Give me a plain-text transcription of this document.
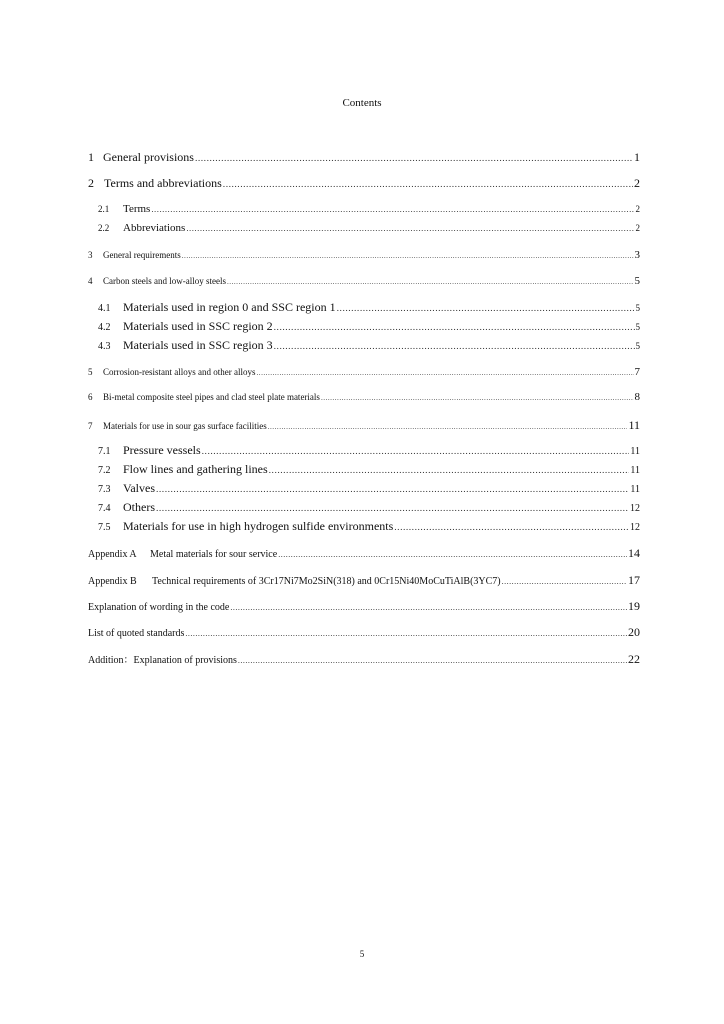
Contents
1 General provisions .....	1
2 Terms and abbreviations .....	2
2.1	Terms .....	2
2.2	Abbreviations .....	2
3	General requirements .....	3
4	Carbon steels and low-alloy steels .....	5
4.1	Materials used in region 0 and SSC region 1 .....	5
4.2	Materials used in SSC region 2 .....	5
4.3	Materials used in SSC region 3 .....	5
5	Corrosion-resistant alloys and other alloys .....	7
6	Bi-metal composite steel pipes and clad steel plate materials .....	8
7	Materials for use in sour gas surface facilities .....	11
7.1	Pressure vessels .....	11
7.2	Flow lines and gathering lines .....	11
7.3	Valves .....	11
7.4	Others .....	12
7.5	Materials for use in high hydrogen sulfide environments .....	12
Appendix A	Metal materials for sour service .....	14
Appendix B	Technical requirements of 3Cr17Ni7Mo2SiN(318) and 0Cr15Ni40MoCuTiAlB(3YC7) .....	17
Explanation of wording in the code .....	19
List of quoted standards .....	20
Addition：Explanation of provisions .....	22
5
